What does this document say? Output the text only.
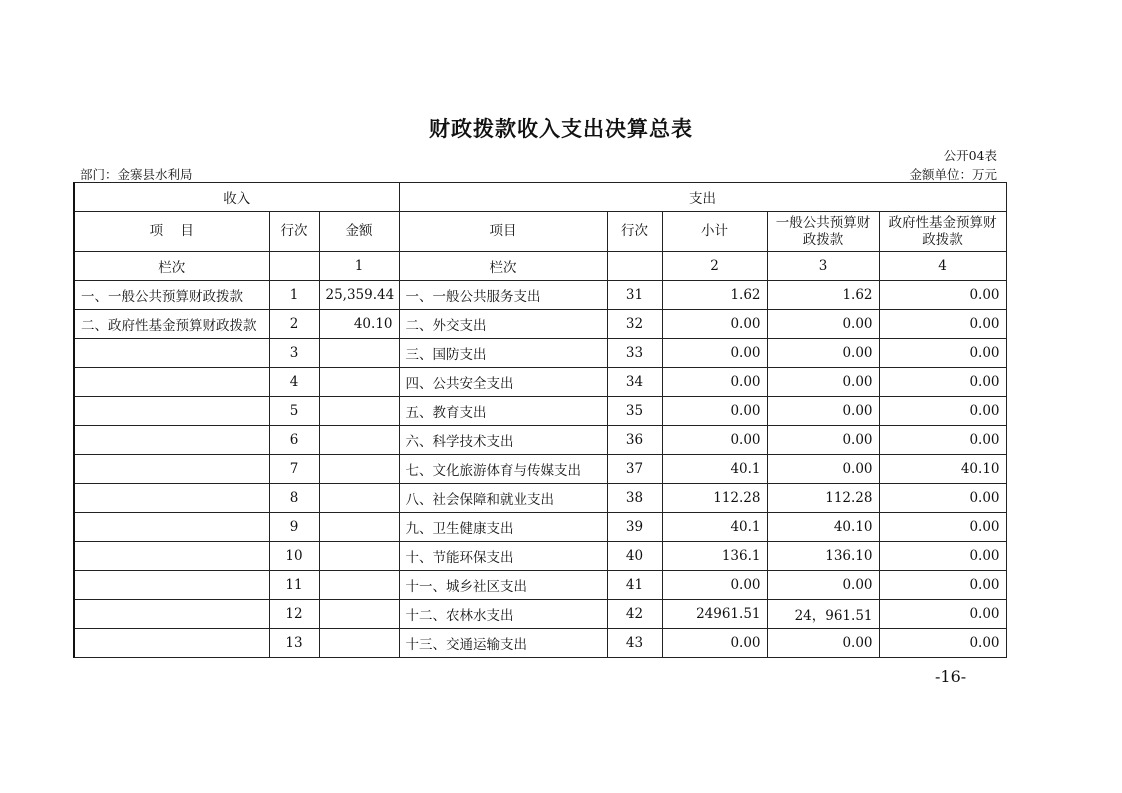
财政拨款收入支出决算总表
公开04表
部门：金寨县水利局	金额单位：万元
收入			支出				
项    目	行次	金额	项目	行次	小计	一般公共预算财政拨款	政府性基金预算财政拨款
栏次		1	栏次		2	3	4
一、一般公共预算财政拨款	1	25,359.44	一、一般公共服务支出	31	1.62	1.62	0.00
二、政府性基金预算财政拨款	2	40.10	二、外交支出	32	0.00	0.00	0.00
	3		三、国防支出	33	0.00	0.00	0.00
	4		四、公共安全支出	34	0.00	0.00	0.00
	5		五、教育支出	35	0.00	0.00	0.00
	6		六、科学技术支出	36	0.00	0.00	0.00
	7		七、文化旅游体育与传媒支出	37	40.1	0.00	40.10
	8		八、社会保障和就业支出	38	112.28	112.28	0.00
	9		九、卫生健康支出	39	40.1	40.10	0.00
	10		十、节能环保支出	40	136.1	136.10	0.00
	11		十一、城乡社区支出	41	0.00	0.00	0.00
	12		十二、农林水支出	42	24961.51	24，961.51	0.00
	13		十三、交通运输支出	43	0.00	0.00	0.00
-16-
